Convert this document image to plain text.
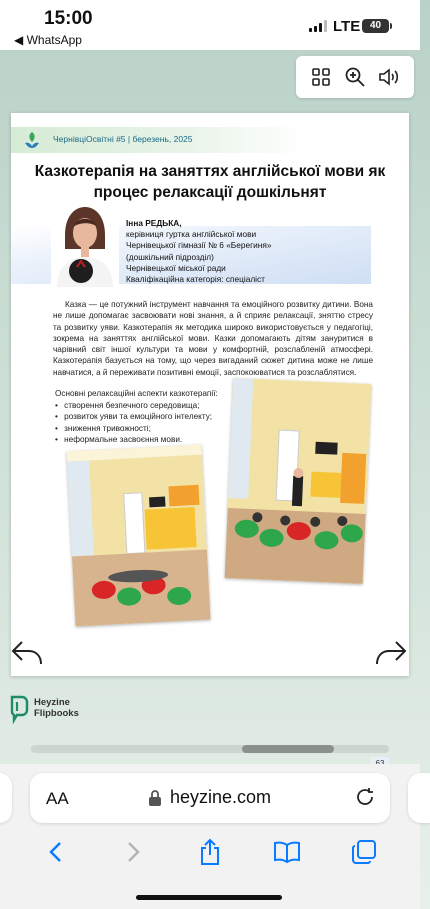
15:00
◀ WhatsApp
LTE 40
ЧернівціОсвітні #5 | березень, 2025
Казкотерапія на заняттях англійської мови як процес релаксації дошкільнят
Інна РЕДЬКА,
керівниця гуртка англійської мови
Чернівецької гімназії № 6 «Берегиня»
(дошкільний підрозділ)
Чернівецької міської ради
Кваліфікаційна категорія: спеціаліст
Казка — це потужний інструмент навчання та емоційного розвитку дитини. Вона не лише допомагає засвоювати нові знання, а й сприяє релаксації, зняттю стресу та розвитку уяви. Казкотерапія як методика широко використовується у педагогіці, зокрема на заняттях англійської мови. Казки допомагають дітям зануритися в чарівний світ іншої культури та мови у комфортній, розслабленій атмосфері. Казкотерапія базується на тому, що через вигаданий сюжет дитина може не лише навчатися, а й переживати позитивні емоції, заспокоюватися та розслаблятися.
Основні релаксаційні аспекти казкотерапії:
• створення безпечного середовища;
• розвиток уяви та емоційного інтелекту;
• зниження тривожності;
• неформальне засвоєння мови.
Heyzine
Flipbooks
AA	heyzine.com
